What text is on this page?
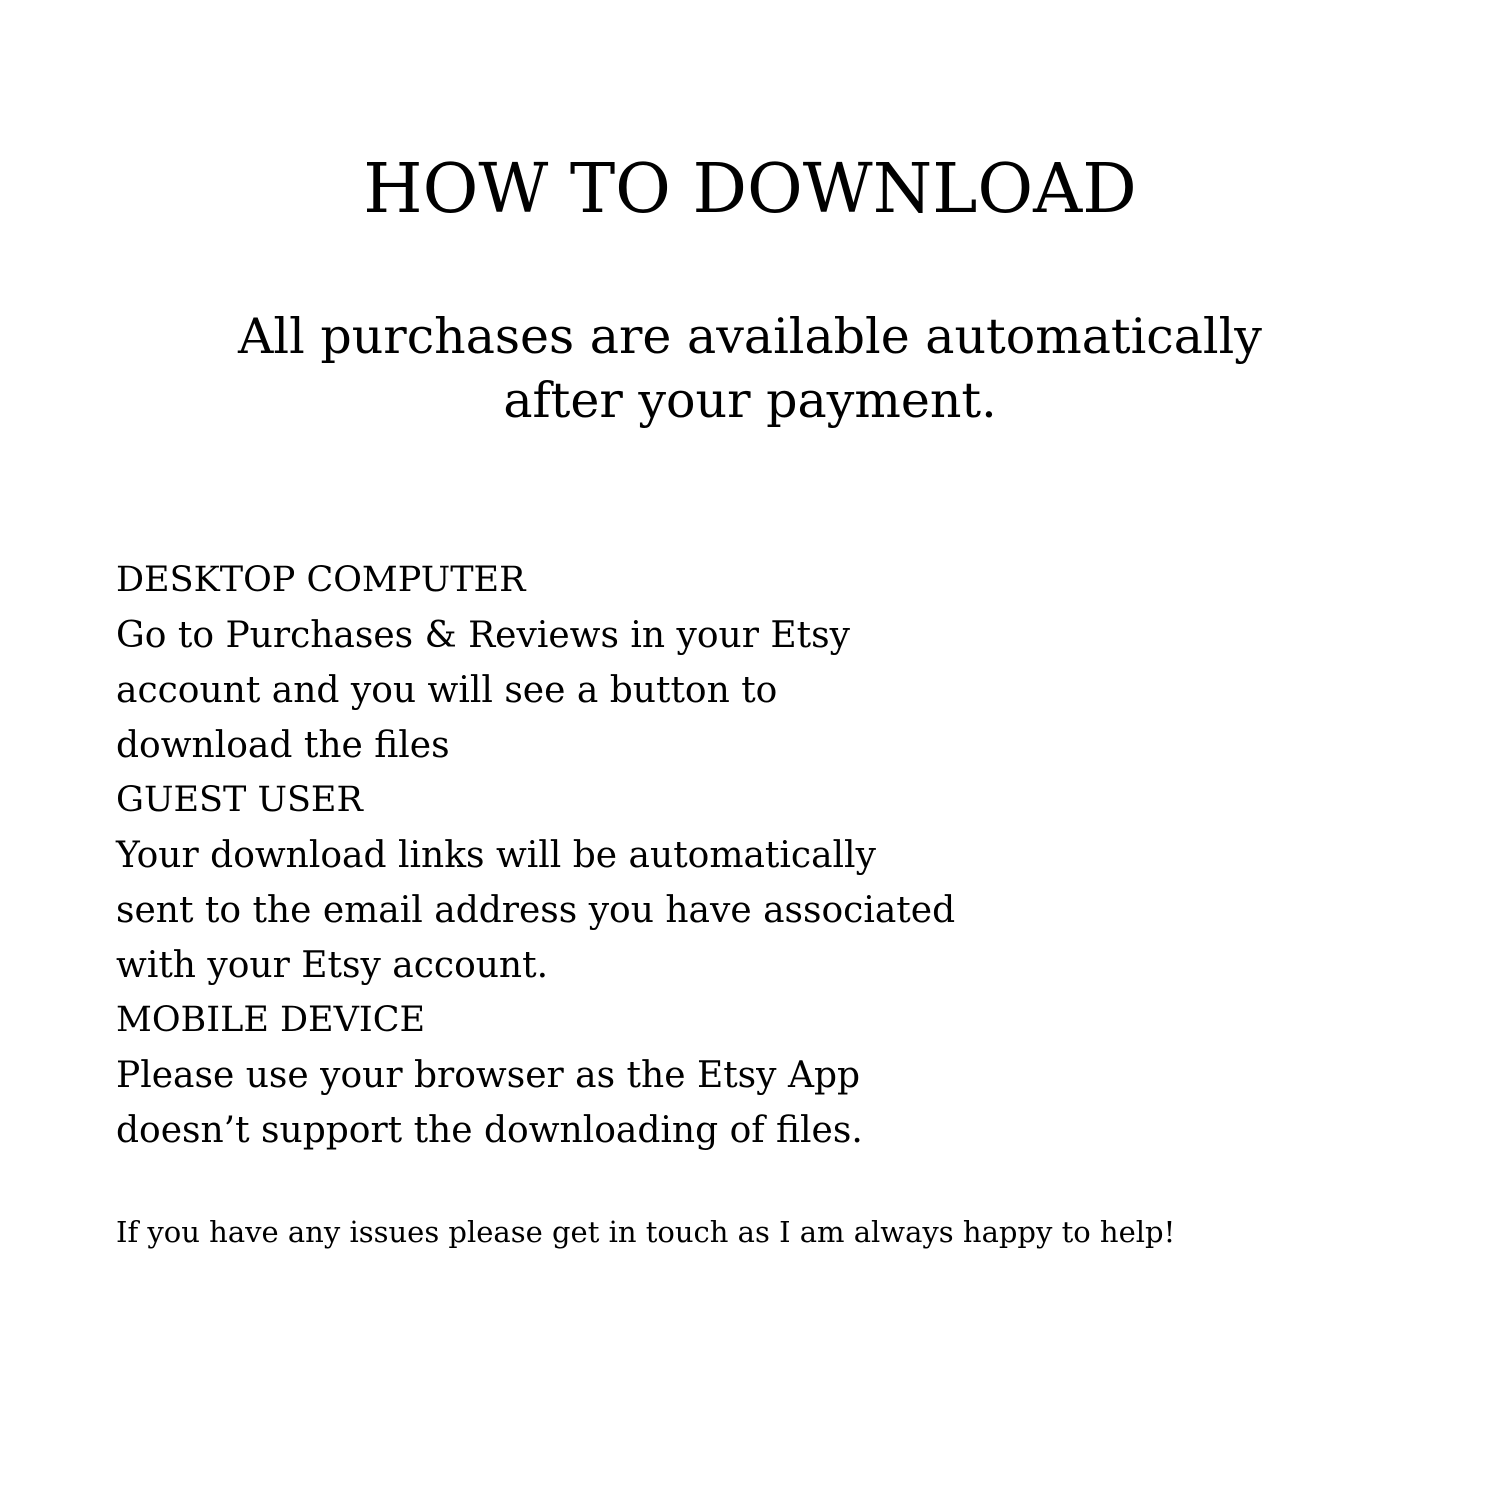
HOW TO DOWNLOAD
All purchases are available automatically
after your payment.

DESKTOP COMPUTER

Go to Purchases & Reviews in your Etsy

account and you will see a button to

download the files

GUEST USER

Your download links will be automatically

sent to the email address you have associated

with your Etsy account.

MOBILE DEVICE

Please use your browser as the Etsy App

doesn’t support the downloading of files.

If you have any issues please get in touch as I am always happy to help!
